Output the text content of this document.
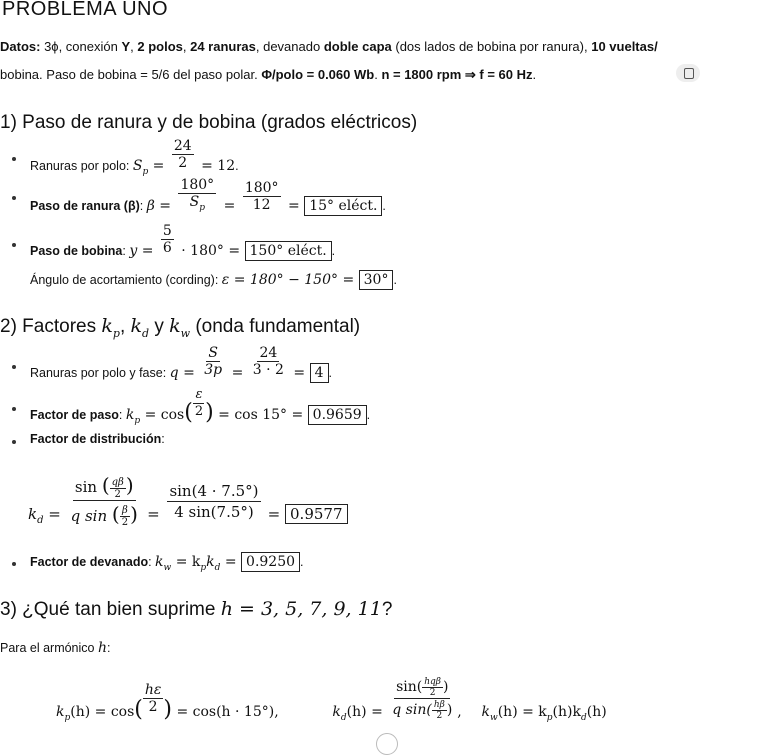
PROBLEMA UNO
Datos: 3ϕ, conexión Y, 2 polos, 24 ranuras, devanado doble capa (dos lados de bobina por ranura), 10 vueltas/
bobina. Paso de bobina = 5/6 del paso polar. Φ/polo = 0.060 Wb. n = 1800 rpm ⇒ f = 60 Hz.
1) Paso de ranura y de bobina (grados eléctricos)
Ranuras por polo: $S_p = \frac{24}{2} = 12$.
Paso de ranura (β): $\beta = \frac{180^\circ}{S_p} = \frac{180^\circ}{12} = 15^\circ$ eléct. .
Paso de bobina: $y = \frac{5}{6} \cdot 180^\circ = 150^\circ$ eléct. .
Ángulo de acortamiento (cording): ε = 180° − 150° = 30° .
2) Factores $k_p$, $k_d$ y $k_w$ (onda fundamental)
Ranuras por polo y fase: $q = \frac{S}{3p} = \frac{24}{3 \cdot 2} = 4$ .
Factor de paso: $k_p = \cos( \frac{\varepsilon}{2}$ ) = cos 15° = 0.9659 .
Factor de distribución:
$k_d = \frac{\sin ( \frac{q\beta}{2} )}{q \sin ( \frac{\beta}{2} )} = \frac{\sin(4 \cdot 7.5^\circ)}{4 \sin(7.5^\circ)} = 0.9577$
Factor de devanado: $k_w = k_pk_d = 0.9250$ .
3) ¿Qué tan bien suprime h = 3, 5, 7, 9, 11?
Para el armónico h:
$k_p(h) = \cos( \frac{h\varepsilon}{2}$ ) = cos(h · 15°),	$k_d(h) = \frac{\sin( \frac{\text{hqβ}}{2} )}{q \sin( \frac{h\beta}{2} )}$ , $k_w(h) = k_p(h)k_d(h)$
